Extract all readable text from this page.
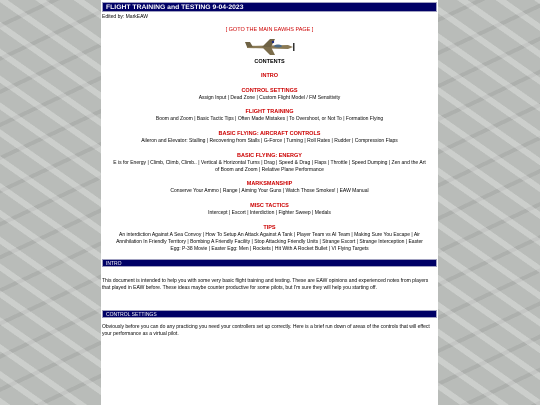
FLIGHT TRAINING and TESTING 9-04-2023
Edited by: MarkEAW
[ GOTO THE MAIN EAWHS PAGE ]
CONTENTS
INTRO
CONTROL SETTINGS
Assign Input | Dead Zone | Custom Flight Model / FM Sensitivity
FLIGHT TRAINING
Boom and Zoom | Basic Tactic Tips | Often Made Mistakes | To Overshoot, or Not To | Formation Flying
BASIC FLYING: AIRCRAFT CONTROLS
Aileron and Elevator: Stalling | Recovering from Stalls | G-Force | Turning | Roll Rates | Rudder | Compression Flaps
BASIC FLYING: ENERGY
E is for Energy | Climb, Climb, Climb.. | Vertical & Horizontal Turns | Drag | Speed & Drag | Flaps | Throttle | Speed Dumping | Zen and the Art of Boom and Zoom | Relative Plane Performance
MARKSMANSHIP
Conserve Your Ammo | Range | Aiming Your Guns | Watch Those Smokes! | EAW Manual
MISC TACTICS
Intercept | Escort | Interdiction | Fighter Sweep | Medals
TIPS
An interdiction Against A Sea Convoy | How To Setup An Attack Against A Tank | Player Team vs AI Team | Making Sure You Escape | Air Annihilation In Friendly Territory | Bombing A Friendly Facility | Stop Attacking Friendly Units | Strange Escort | Strange Interception | Easter Egg: P-38 Movie | Easter Egg: Men | Rockets | Hit With A Rocket Bullet | VI Flying Targets
INTRO

This document is intended to help you with some very basic flight training and testing. These are EAW opinions and experienced notes from players that played in EAW before. These ideas maybe counter productive for some pilots, but I'm sure they will help you starting off.

CONTROL SETTINGS

Obviously before you can do any practicing you need your controllers set up correctly. Here is a brief run down of areas of the controls that will effect your performance as a virtual pilot.
